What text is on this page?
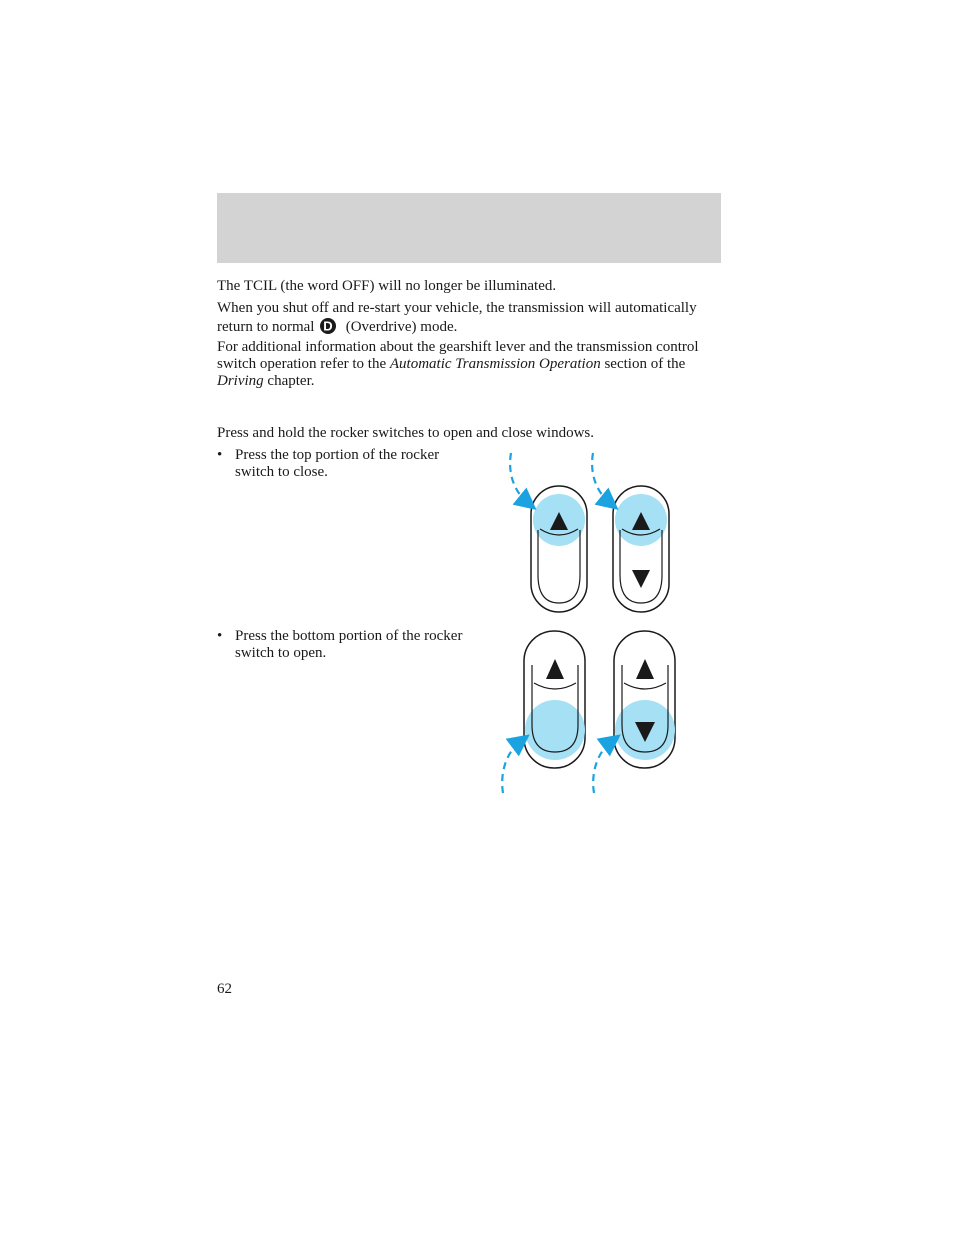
The TCIL (the word OFF) will no longer be illuminated.

When you shut off and re-start your vehicle, the transmission will automatically return to normal D (Overdrive) mode.

For additional information about the gearshift lever and the transmission control switch operation refer to the Automatic Transmission Operation section of the Driving chapter.

Press and hold the rocker switches to open and close windows.

• Press the top portion of the rocker switch to close.
• Press the bottom portion of the rocker switch to open.
62
